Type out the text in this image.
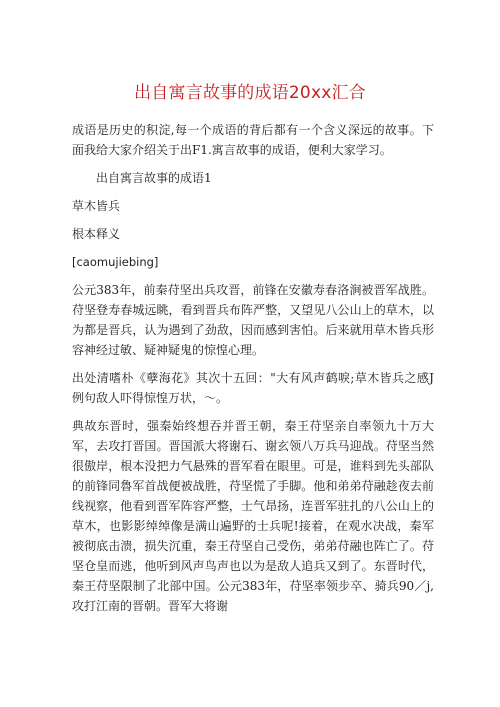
出自寓言故事的成语20xx汇合

成语是历史的积淀,每一个成语的背后都有一个含义深远的故事。下面我给大家介绍关于出F1.寓言故事的成语，便利大家学习。

出自寓言故事的成语1

草木皆兵

根本释义

[caomujiebing]

公元383年，前秦苻坚出兵攻晋，前锋在安徽寿春洛涧被晋军战胜。苻坚登寿春城远眺，看到晋兵布阵严整，又望见八公山上的草木，以为都是晋兵，认为遇到了劲敌，因而感到害怕。后来就用草木皆兵形容神经过敏、疑神疑鬼的惊惶心理。

出处清嗜朴《孽海花》其次十五回："大有风声鹤唳;草木皆兵之感J例句敌人吓得惊惶万状，～。

典故东晋时，强秦始终想吞并晋王朝，秦王苻坚亲自率领九十万大军，去攻打晋国。晋国派大将谢石、谢玄领八万兵马迎战。苻坚当然很傲岸，根本没把力气悬殊的晋军看在眼里。可是，谁料到先头部队的前锋同魯军首战便被战胜，苻坚慌了手脚。他和弟弟苻融趁夜去前线视察，他看到晋军阵容严整，士气昂扬，连晋军驻扎的八公山上的草木，也影影绰绰像是满山遍野的士兵呢!接着，在观水决战，秦军被彻底击溃，损失沉重，秦王苻坚自己受伤，弟弟苻融也阵亡了。苻坚仓皇而逃，他听到风声鸟声也以为是敌人追兵又到了。东晋时代，秦王苻坚限制了北部中国。公元383年，苻坚率领步卒、骑兵90／j,攻打江南的晋朝。晋军大将谢
